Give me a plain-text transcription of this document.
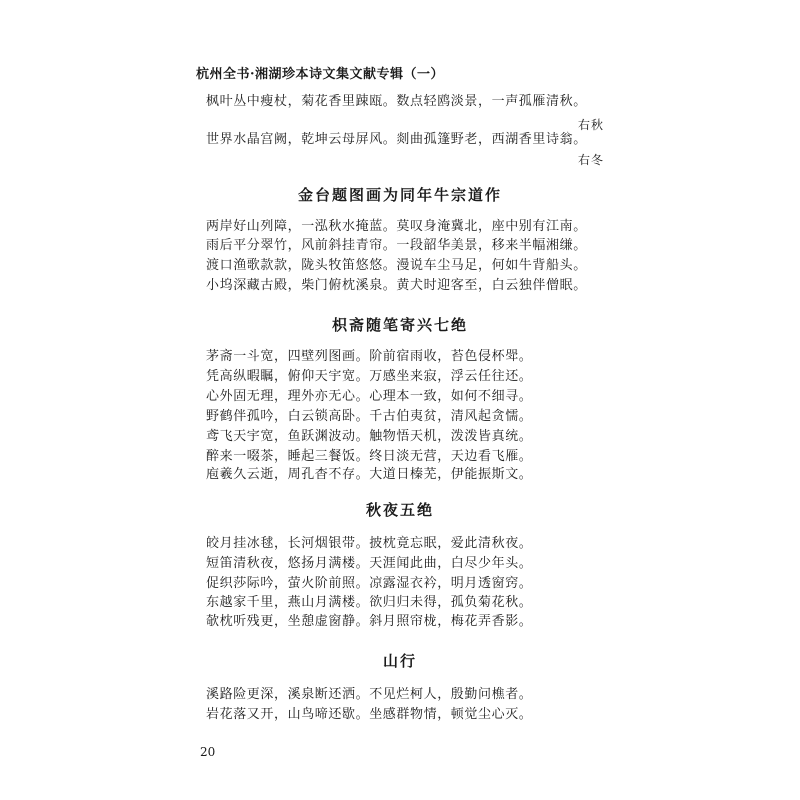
杭州全书·湘湖珍本诗文集文献专辑（一）
枫叶丛中瘦杖，菊花香里踈瓯。数点轻鸥淡景，一声孤雁清秋。
右秋
世界水晶宫阙，乾坤云母屏风。剡曲孤篷野老，西湖香里诗翁。
右冬
金台题图画为同年牛宗道作
两岸好山列障，一泓秋水掩蓝。莫叹身淹冀北，座中别有江南。
雨后平分翠竹，风前斜挂青帘。一段韶华美景，移来半幅湘缣。
渡口渔歌款款，陇头牧笛悠悠。漫说车尘马足，何如牛背船头。
小坞深藏古殿，柴门俯枕溪泉。黄犬时迎客至，白云独伴僧眠。
枳斋随笔寄兴七绝
茅斋一斗宽，四壁列图画。阶前宿雨收，苔色侵杯斝。
凭高纵暇瞩，俯仰天宇宽。万感坐来寂，浮云任往还。
心外固无理，理外亦无心。心理本一致，如何不细寻。
野鹤伴孤吟，白云锁高卧。千古伯夷贫，清风起贪懦。
鸢飞天宇宽，鱼跃渊波动。触物悟天机，泼泼皆真统。
醉来一啜茶，睡起三餐饭。终日淡无营，天边看飞雁。
庖羲久云逝，周孔杳不存。大道日榛芜，伊能振斯文。
秋夜五绝
皎月挂冰毬，长河烟银带。披枕竟忘眠，爱此清秋夜。
短笛清秋夜，悠扬月满楼。天涯闻此曲，白尽少年头。
促织莎际吟，萤火阶前照。凉露湿衣衿，明月透窗窍。
东越家千里，燕山月满楼。欲归归未得，孤负菊花秋。
欹枕听残更，坐憩虚窗静。斜月照帘栊，梅花弄香影。
山行
溪路险更深，溪泉断还洒。不见烂柯人，殷勤问樵者。
岩花落又开，山鸟啼还歇。坐感群物情，顿觉尘心灭。
20
